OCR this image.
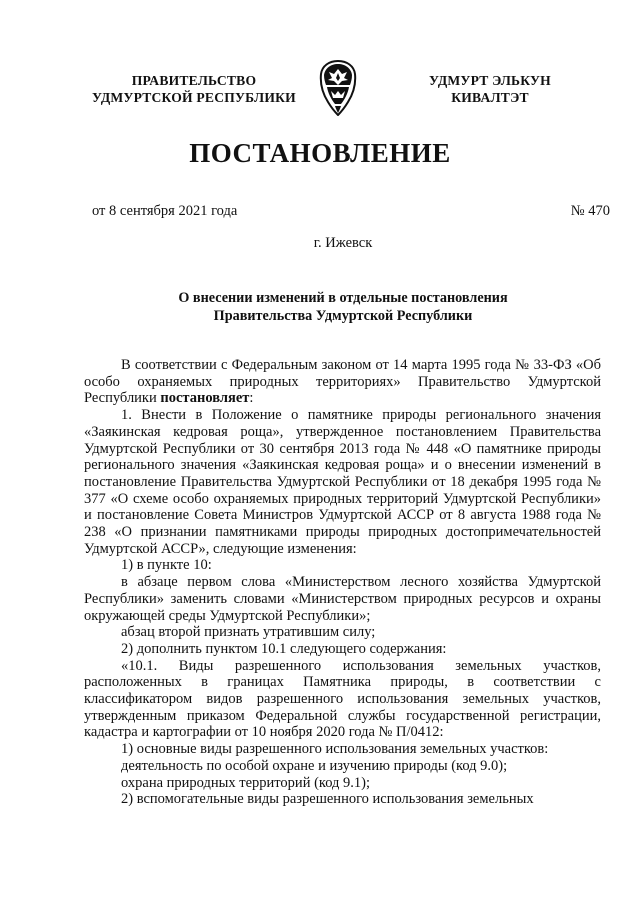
ПРАВИТЕЛЬСТВО
УДМУРТСКОЙ РЕСПУБЛИКИ
УДМУРТ ЭЛЬКУН
КИВАЛТЭТ
ПОСТАНОВЛЕНИЕ
от 8 сентября 2021 года	№ 470
г. Ижевск
О внесении изменений в отдельные постановления
Правительства Удмуртской Республики

В соответствии с Федеральным законом от 14 марта 1995 года № 33-ФЗ «Об особо охраняемых природных территориях» Правительство Удмуртской Республики постановляет:

1. Внести в Положение о памятнике природы регионального значения «Заякинская кедровая роща», утвержденное постановлением Правительства Удмуртской Республики от 30 сентября 2013 года № 448 «О памятнике природы регионального значения «Заякинская кедровая роща» и о внесении изменений в постановление Правительства Удмуртской Республики от 18 декабря 1995 года № 377 «О схеме особо охраняемых природных территорий Удмуртской Республики» и постановление Совета Министров Удмуртской АССР от 8 августа 1988 года № 238 «О признании памятниками природы природных достопримечательностей Удмуртской АССР», следующие изменения:

1) в пункте 10:

в абзаце первом слова «Министерством лесного хозяйства Удмуртской Республики» заменить словами «Министерством природных ресурсов и охраны окружающей среды Удмуртской Республики»;

абзац второй признать утратившим силу;

2) дополнить пунктом 10.1 следующего содержания:

«10.1. Виды разрешенного использования земельных участков, расположенных в границах Памятника природы, в соответствии с классификатором видов разрешенного использования земельных участков, утвержденным приказом Федеральной службы государственной регистрации, кадастра и картографии от 10 ноября 2020 года № П/0412:

1) основные виды разрешенного использования земельных участков:

деятельность по особой охране и изучению природы (код 9.0);

охрана природных территорий (код 9.1);

2) вспомогательные виды разрешенного использования земельных
